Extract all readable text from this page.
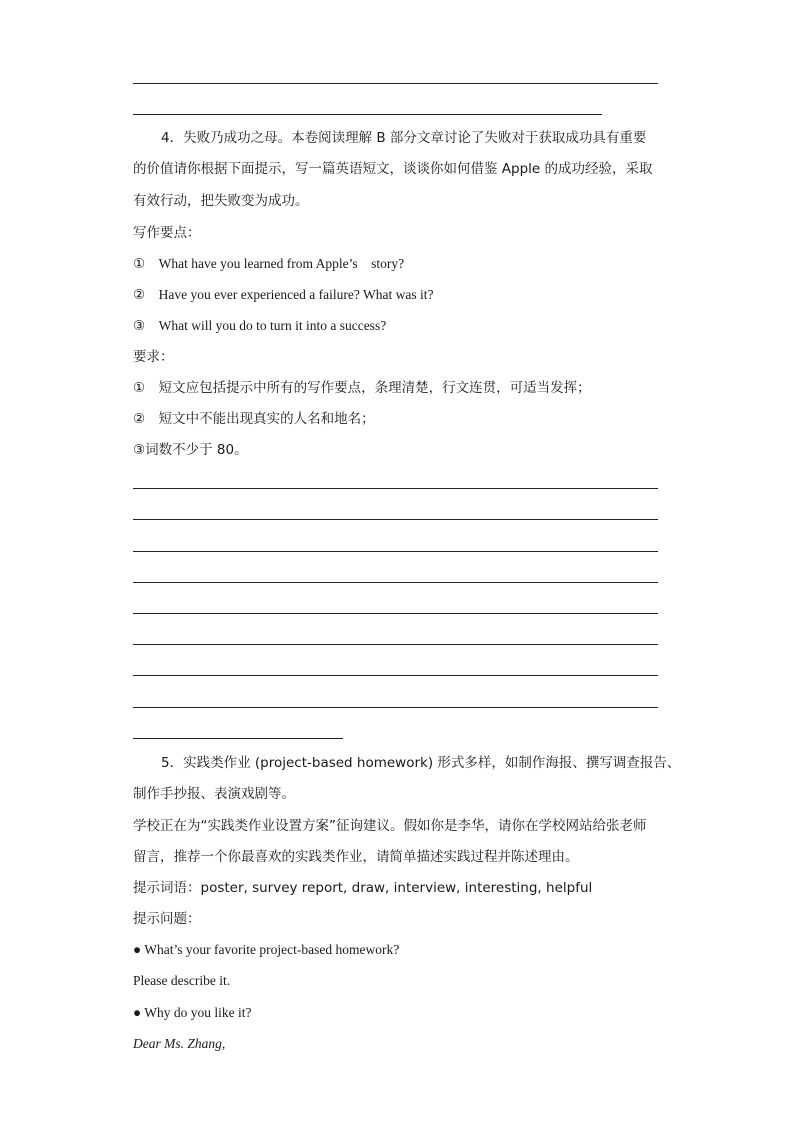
4．失败乃成功之母。本卷阅读理解 B 部分文章讨论了失败对于获取成功具有重要
的价值请你根据下面提示，写一篇英语短文，谈谈你如何借鉴 Apple 的成功经验，采取
有效行动，把失败变为成功。
写作要点：
① What have you learned from Apple’s story?
② Have you ever experienced a failure? What was it?
③ What will you do to turn it into a success?
要求：
① 短文应包括提示中所有的写作要点，条理清楚，行文连贯，可适当发挥；
② 短文中不能出现真实的人名和地名；
③词数不少于 80。
5．实践类作业 (project-based homework) 形式多样，如制作海报、撰写调查报告、
制作手抄报、表演戏剧等。
学校正在为“实践类作业设置方案”征询建议。假如你是李华，请你在学校网站给张老师
留言，推荐一个你最喜欢的实践类作业，请简单描述实践过程并陈述理由。
提示词语：poster, survey report, draw, interview, interesting, helpful
提示问题：
● What’s your favorite project-based homework?
Please describe it.
● Why do you like it?
Dear Ms. Zhang,
